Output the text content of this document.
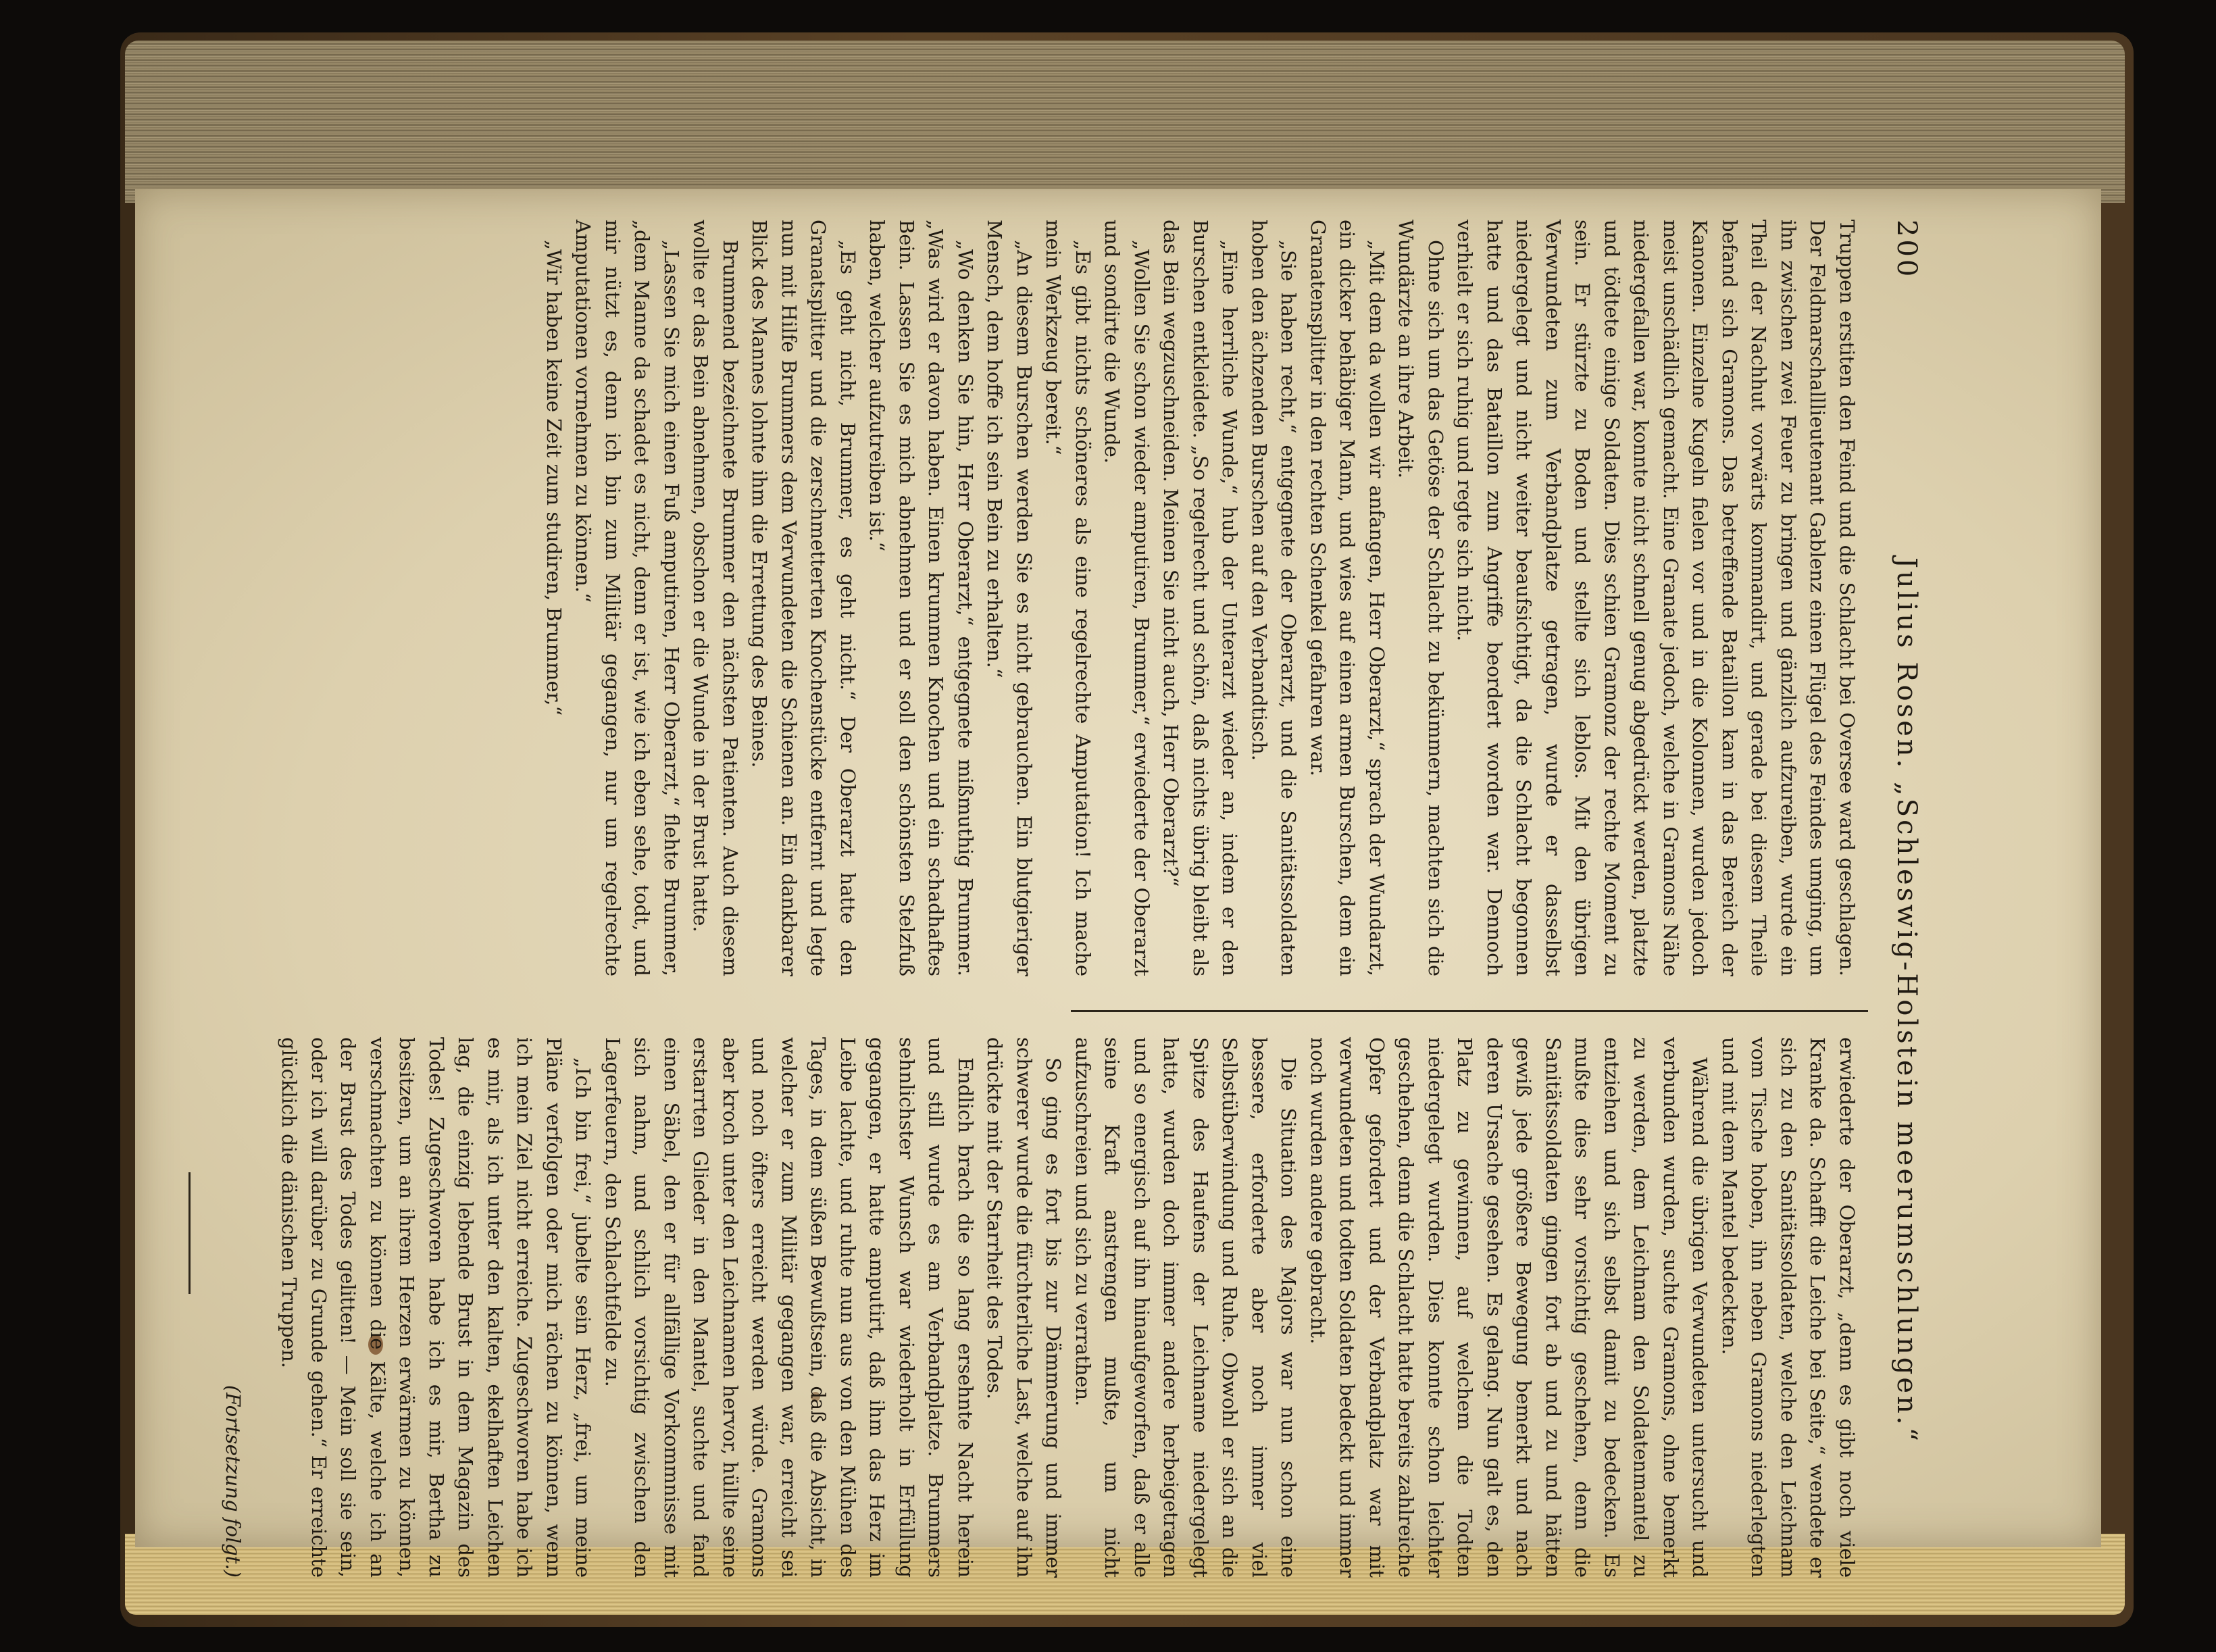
200
Julius Rosen. „Schleswig-Holstein meerumschlungen.“

Truppen erstiten den Feind und die Schlacht bei Oversee ward geschlagen. Der Feldmarschalllieutenant Gablenz einen Flügel des Feindes umging, um ihn zwischen zwei Feuer zu bringen und gänzlich aufzureiben, wurde ein Theil der Nachhut vorwärts kommandirt, und gerade bei diesem Theile befand sich Gramons. Das betreffende Bataillon kam in das Bereich der Kanonen. Einzelne Kugeln fielen vor und in die Kolonnen, wurden jedoch meist unschädlich gemacht. Eine Granate jedoch, welche in Gramons Nähe niedergefallen war, konnte nicht schnell genug abgedrückt werden, platzte und tödtete einige Soldaten. Dies schien Gramonz der rechte Moment zu sein. Er stürzte zu Boden und stellte sich leblos. Mit den übrigen Verwundeten zum Verbandplatze getragen, wurde er dasselbst niedergelegt und nicht weiter beaufsichtigt, da die Schlacht begonnen hatte und das Bataillon zum Angriffe beordert worden war. Dennoch verhielt er sich ruhig und regte sich nicht.

Ohne sich um das Getöse der Schlacht zu bekümmern, machten sich die Wundärzte an ihre Arbeit.

„Mit dem da wollen wir anfangen, Herr Oberarzt,“ sprach der Wundarzt, ein dicker behäbiger Mann, und wies auf einen armen Burschen, dem ein Granatensplitter in den rechten Schenkel gefahren war.

„Sie haben recht,“ entgegnete der Oberarzt, und die Sanitätssoldaten hoben den ächzenden Burschen auf den Verbandtisch.

„Eine herrliche Wunde,“ hub der Unterarzt wieder an, indem er den Burschen entkleidete. „So regelrecht und schön, daß nichts übrig bleibt als das Bein wegzuschneiden. Meinen Sie nicht auch, Herr Oberarzt?“

„Wollen Sie schon wieder amputiren, Brummer,“ erwiederte der Oberarzt und sondirte die Wunde.

„Es gibt nichts schöneres als eine regelrechte Amputation! Ich mache mein Werkzeug bereit.“

„An diesem Burschen werden Sie es nicht gebrauchen. Ein blutgieriger Mensch, dem hoffe ich sein Bein zu erhalten.“

„Wo denken Sie hin, Herr Oberarzt,“ entgegnete mißmuthig Brummer. „Was wird er davon haben. Einen krummen Knochen und ein schadhaftes Bein. Lassen Sie es mich abnehmen und er soll den schönsten Stelzfuß haben, welcher aufzutreiben ist.“

„Es geht nicht, Brummer, es geht nicht.“ Der Oberarzt hatte den Granatsplitter und die zerschmetterten Knochenstücke entfernt und legte nun mit Hilfe Brummers dem Verwundeten die Schienen an. Ein dankbarer Blick des Mannes lohnte ihm die Errettung des Beines.

Brummend bezeichnete Brummer den nächsten Patienten. Auch diesem wollte er das Bein abnehmen, obschon er die Wunde in der Brust hatte.

„Lassen Sie mich einen Fuß amputiren, Herr Oberarzt,“ flehte Brummer, „dem Manne da schadet es nicht, denn er ist, wie ich eben sehe, todt, und mir nützt es, denn ich bin zum Militär gegangen, nur um regelrechte Amputationen vornehmen zu können.“

„Wir haben keine Zeit zum studiren, Brummer,“

erwiederte der Oberarzt, „denn es gibt noch viele Kranke da. Schafft die Leiche bei Seite,“ wendete er sich zu den Sanitätssoldaten, welche den Leichnam vom Tische hoben, ihn neben Gramons niederlegten und mit dem Mantel bedeckten.

Während die übrigen Verwundeten untersucht und verbunden wurden, suchte Gramons, ohne bemerkt zu werden, dem Leichnam den Soldatenmantel zu entziehen und sich selbst damit zu bedecken. Es mußte dies sehr vorsichtig geschehen, denn die Sanitätssoldaten gingen fort ab und zu und hätten gewiß jede größere Bewegung bemerkt und nach deren Ursache gesehen. Es gelang. Nun galt es, den Platz zu gewinnen, auf welchem die Todten niedergelegt wurden. Dies konnte schon leichter geschehen, denn die Schlacht hatte bereits zahlreiche Opfer gefordert und der Verbandplatz war mit verwundeten und todten Soldaten bedeckt und immer noch wurden andere gebracht.

Die Situation des Majors war nun schon eine bessere, erforderte aber noch immer viel Selbstüberwindung und Ruhe. Obwohl er sich an die Spitze des Haufens der Leichname niedergelegt hatte, wurden doch immer andere herbeigetragen und so energisch auf ihn hinaufgeworfen, daß er alle seine Kraft anstrengen mußte, um nicht aufzuschreien und sich zu verrathen.

So ging es fort bis zur Dämmerung und immer schwerer wurde die fürchterliche Last, welche auf ihn drückte mit der Starrheit des Todes.

Endlich brach die so lang ersehnte Nacht herein und still wurde es am Verbandplatze. Brummers sehnlichster Wunsch war wiederholt in Erfüllung gegangen, er hatte amputirt, daß ihm das Herz im Leibe lachte, und ruhte nun aus von den Mühen des Tages, in dem süßen Bewußtsein, daß die Absicht, in welcher er zum Militär gegangen war, erreicht sei und noch öfters erreicht werden würde. Gramons aber kroch unter den Leichnamen hervor, hüllte seine erstarrten Glieder in den Mantel, suchte und fand einen Säbel, den er für allfällige Vorkommnisse mit sich nahm, und schlich vorsichtig zwischen den Lagerfeuern, den Schlachtfelde zu.

„Ich bin frei,“ jubelte sein Herz, „frei, um meine Pläne verfolgen oder mich rächen zu können, wenn ich mein Ziel nicht erreiche. Zugeschworen habe ich es mir, als ich unter den kalten, ekelhaften Leichen lag, die einzig lebende Brust in dem Magazin des Todes! Zugeschworen habe ich es mir, Bertha zu besitzen, um an ihrem Herzen erwärmen zu können, verschmachten zu können die Kälte, welche ich an der Brust des Todes gelitten! — Mein soll sie sein, oder ich will darüber zu Grunde gehen.“ Er erreichte glücklich die dänischen Truppen.

(Fortsetzung folgt.)
